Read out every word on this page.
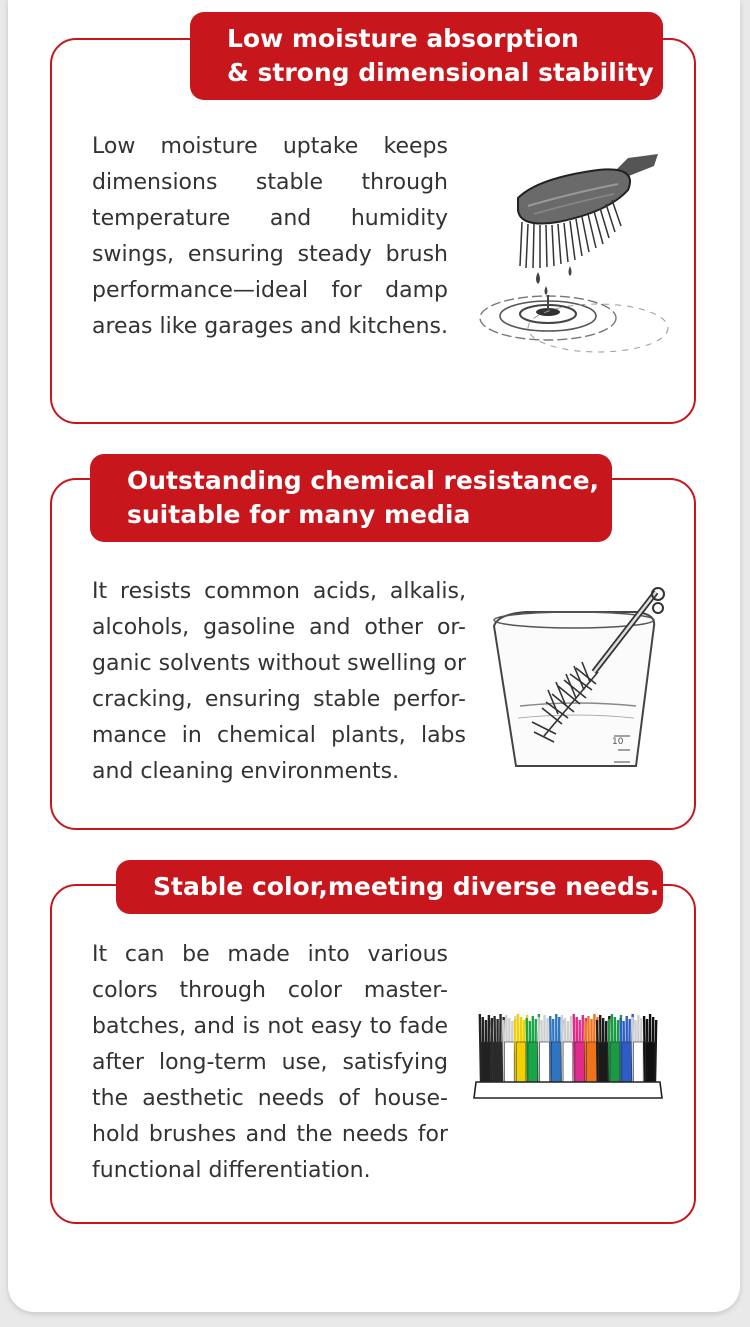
Low moisture absorption
& strong dimensional stability

Low moisture uptake keeps dimensions stable through temperature and humidity swings, ensuring steady brush performance—ideal for damp areas like garages and kitchens.

Outstanding chemical resistance,
suitable for many media

It resists common acids, alkalis, alcohols, gasoline and other or-ganic solvents without swelling or cracking, ensuring stable perfor-mance in chemical plants, labs and cleaning environments.

10
Stable color,meeting diverse needs.

It can be made into various colors through color master-batches, and is not easy to fade after long-term use, satisfying the aesthetic needs of house-hold brushes and the needs for functional differentiation.
